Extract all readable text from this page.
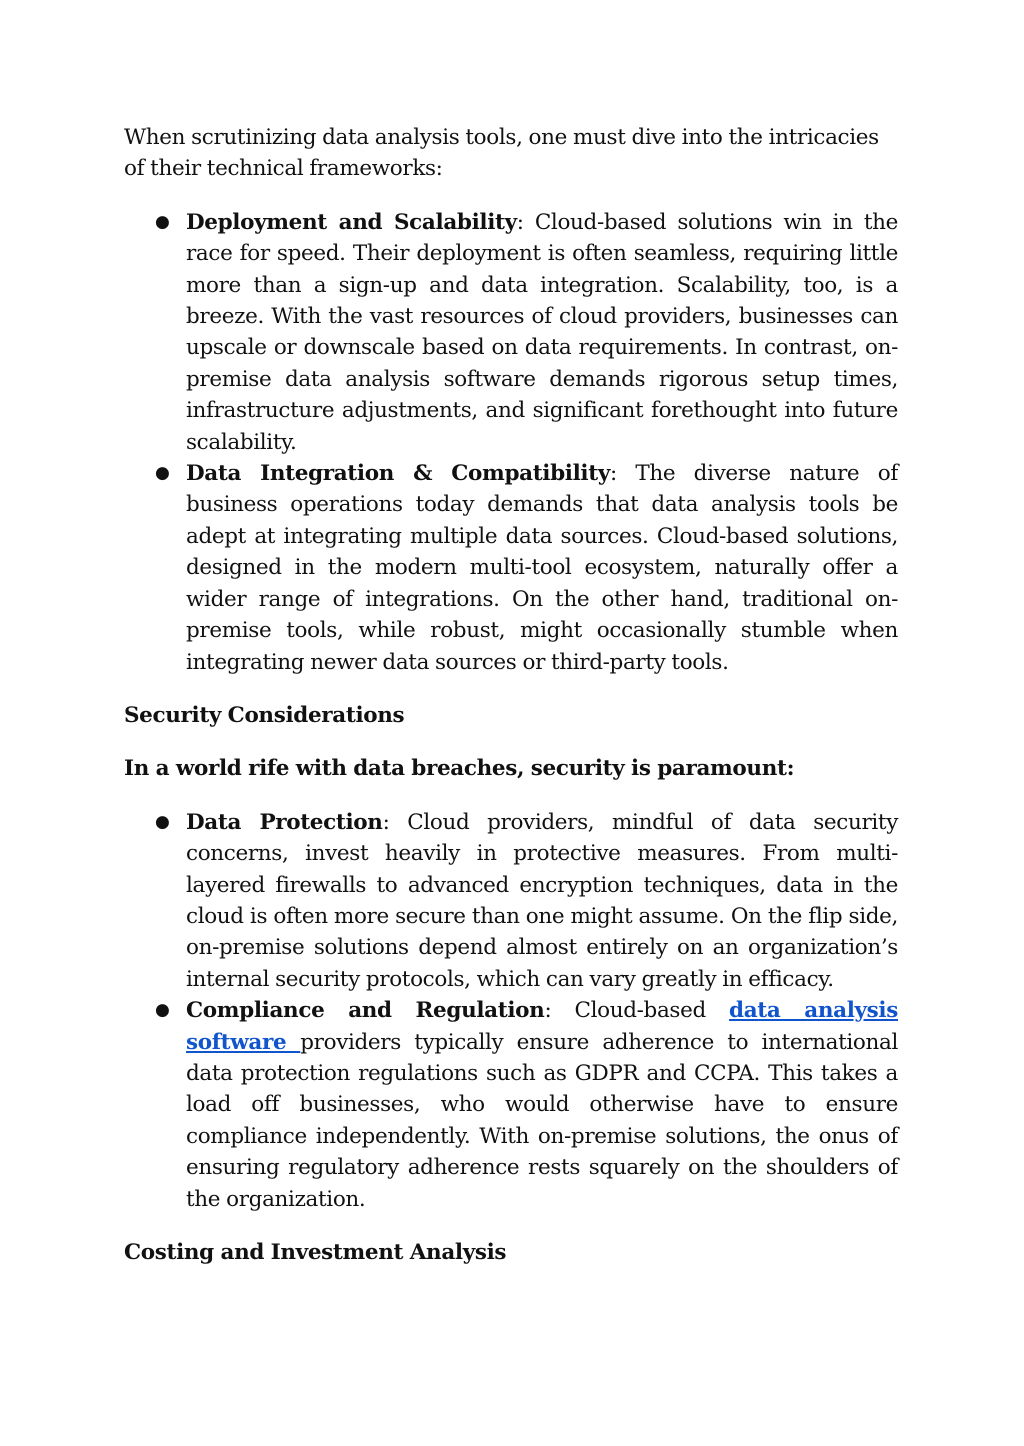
When scrutinizing data analysis tools, one must dive into the intricacies of their technical frameworks:

● Deployment and Scalability: Cloud-based solutions win in the race for speed. Their deployment is often seamless, requiring little more than a sign-up and data integration. Scalability, too, is a breeze. With the vast resources of cloud providers, businesses can upscale or downscale based on data requirements. In contrast, on-premise data analysis software demands rigorous setup times, infrastructure adjustments, and significant forethought into future scalability.
● Data Integration & Compatibility: The diverse nature of business operations today demands that data analysis tools be adept at integrating multiple data sources. Cloud-based solutions, designed in the modern multi-tool ecosystem, naturally offer a wider range of integrations. On the other hand, traditional on-premise tools, while robust, might occasionally stumble when integrating newer data sources or third-party tools.

Security Considerations

In a world rife with data breaches, security is paramount:

● Data Protection: Cloud providers, mindful of data security concerns, invest heavily in protective measures. From multi-layered firewalls to advanced encryption techniques, data in the cloud is often more secure than one might assume. On the flip side, on-premise solutions depend almost entirely on an organization’s internal security protocols, which can vary greatly in efficacy.
● Compliance and Regulation: Cloud-based data analysis software providers typically ensure adherence to international data protection regulations such as GDPR and CCPA. This takes a load off businesses, who would otherwise have to ensure compliance independently. With on-premise solutions, the onus of ensuring regulatory adherence rests squarely on the shoulders of the organization.

Costing and Investment Analysis
